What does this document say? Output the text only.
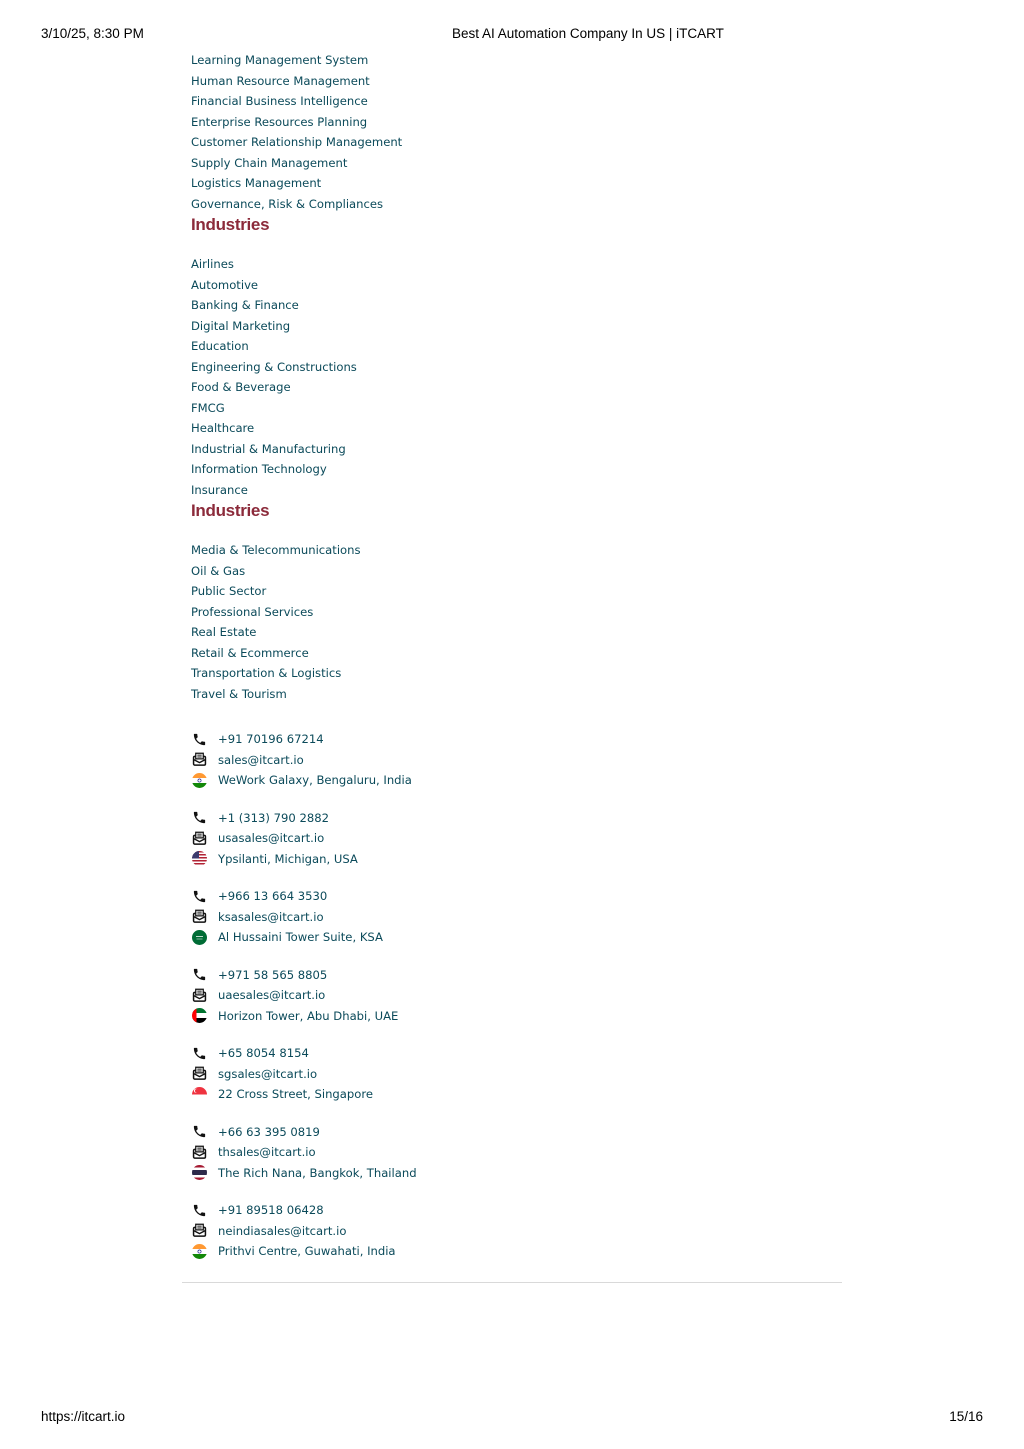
3/10/25, 8:30 PM	Best AI Automation Company In US | iTCART
Learning Management System
Human Resource Management
Financial Business Intelligence
Enterprise Resources Planning
Customer Relationship Management
Supply Chain Management
Logistics Management
Governance, Risk & Compliances
Industries
Airlines
Automotive
Banking & Finance
Digital Marketing
Education
Engineering & Constructions
Food & Beverage
FMCG
Healthcare
Industrial & Manufacturing
Information Technology
Insurance
Industries
Media & Telecommunications
Oil & Gas
Public Sector
Professional Services
Real Estate
Retail & Ecommerce
Transportation & Logistics
Travel & Tourism
+91 70196 67214
sales@itcart.io
WeWork Galaxy, Bengaluru, India
+1 (313) 790 2882
usasales@itcart.io
Ypsilanti, Michigan, USA
+966 13 664 3530
ksasales@itcart.io
Al Hussaini Tower Suite, KSA
+971 58 565 8805
uaesales@itcart.io
Horizon Tower, Abu Dhabi, UAE
+65 8054 8154
sgsales@itcart.io
22 Cross Street, Singapore
+66 63 395 0819
thsales@itcart.io
The Rich Nana, Bangkok, Thailand
+91 89518 06428
neindiasales@itcart.io
Prithvi Centre, Guwahati, India
https://itcart.io	15/16
